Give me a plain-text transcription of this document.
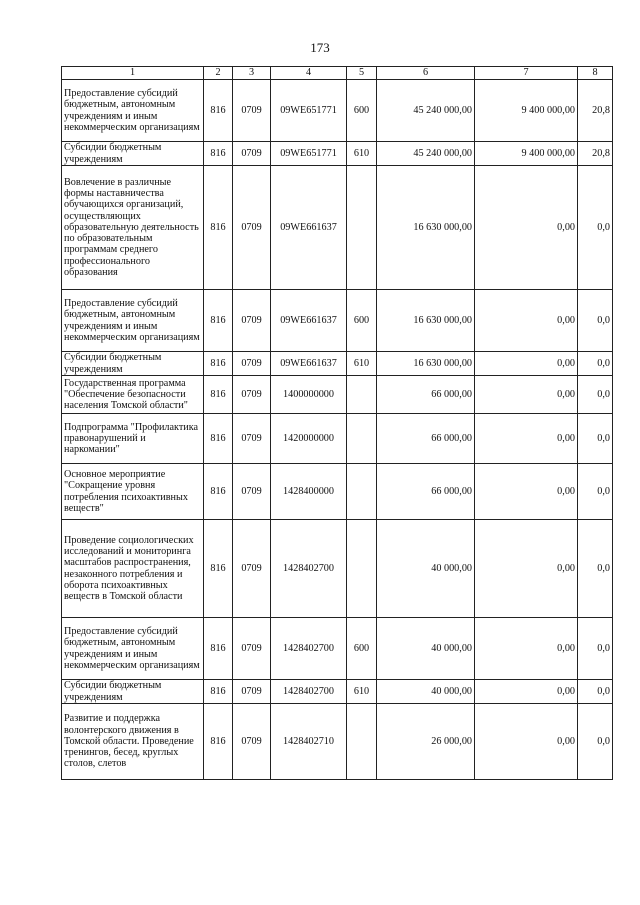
173
1	2	3	4	5	6	7	8
Предоставление субсидий бюджетным, автономным учреждениям и иным некоммерческим организациям	816	0709	09WE651771	600	45 240 000,00	9 400 000,00	20,8
Субсидии бюджетным учреждениям	816	0709	09WE651771	610	45 240 000,00	9 400 000,00	20,8
Вовлечение в различные формы наставничества обучающихся организаций, осуществляющих образовательную деятельность по образовательным программам среднего профессионального образования	816	0709	09WE661637		16 630 000,00	0,00	0,0
Предоставление субсидий бюджетным, автономным учреждениям и иным некоммерческим организациям	816	0709	09WE661637	600	16 630 000,00	0,00	0,0
Субсидии бюджетным учреждениям	816	0709	09WE661637	610	16 630 000,00	0,00	0,0
Государственная программа "Обеспечение безопасности населения Томской области"	816	0709	1400000000		66 000,00	0,00	0,0
Подпрограмма "Профилактика правонарушений и наркомании"	816	0709	1420000000		66 000,00	0,00	0,0
Основное мероприятие "Сокращение уровня потребления психоактивных веществ"	816	0709	1428400000		66 000,00	0,00	0,0
Проведение социологических исследований и мониторинга масштабов распространения, незаконного потребления и оборота психоактивных веществ в Томской области	816	0709	1428402700		40 000,00	0,00	0,0
Предоставление субсидий бюджетным, автономным учреждениям и иным некоммерческим организациям	816	0709	1428402700	600	40 000,00	0,00	0,0
Субсидии бюджетным учреждениям	816	0709	1428402700	610	40 000,00	0,00	0,0
Развитие и поддержка волонтерского движения в Томской области. Проведение тренингов, бесед, круглых столов, слетов	816	0709	1428402710		26 000,00	0,00	0,0
